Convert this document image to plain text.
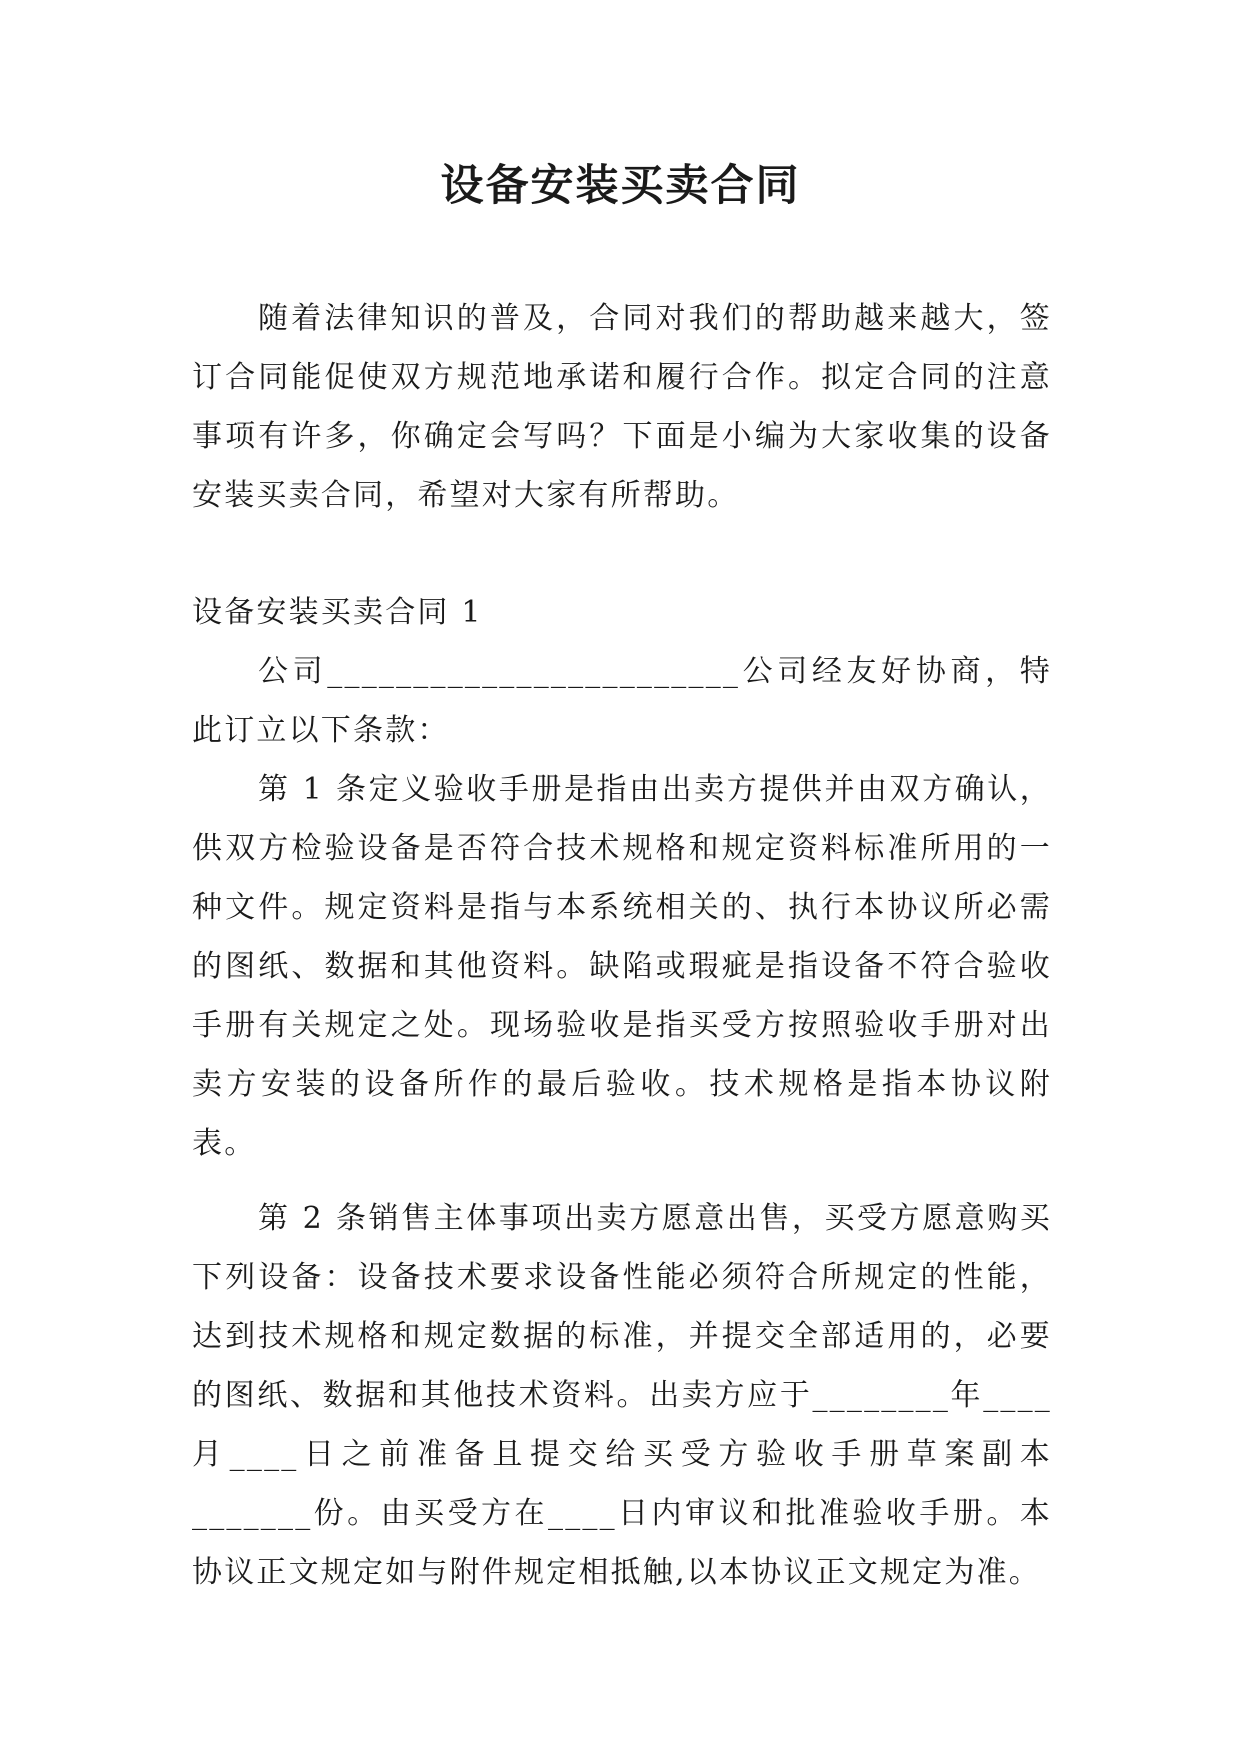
设备安装买卖合同

随着法律知识的普及，合同对我们的帮助越来越大，签订合同能促使双方规范地承诺和履行合作。拟定合同的注意事项有许多，你确定会写吗？下面是小编为大家收集的设备安装买卖合同，希望对大家有所帮助。

设备安装买卖合同 1

公司________________________公司经友好协商，特此订立以下条款：

第 1 条定义验收手册是指由出卖方提供并由双方确认，供双方检验设备是否符合技术规格和规定资料标准所用的一种文件。规定资料是指与本系统相关的、执行本协议所必需的图纸、数据和其他资料。缺陷或瑕疵是指设备不符合验收手册有关规定之处。现场验收是指买受方按照验收手册对出卖方安装的设备所作的最后验收。技术规格是指本协议附表。

第 2 条销售主体事项出卖方愿意出售，买受方愿意购买下列设备：设备技术要求设备性能必须符合所规定的性能，达到技术规格和规定数据的标准，并提交全部适用的，必要的图纸、数据和其他技术资料。出卖方应于________年____月____日之前准备且提交给买受方验收手册草案副本_______份。由买受方在____日内审议和批准验收手册。本协议正文规定如与附件规定相抵触,以本协议正文规定为准。
